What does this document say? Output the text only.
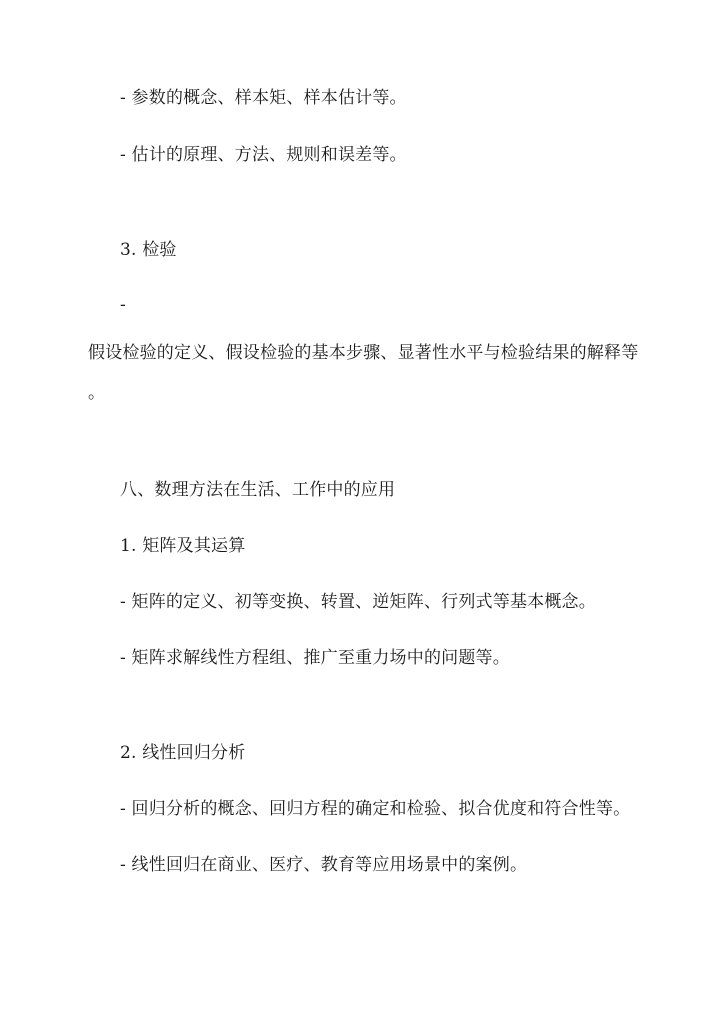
- 参数的概念、样本矩、样本估计等。
- 估计的原理、方法、规则和误差等。
3. 检验
-
假设检验的定义、假设检验的基本步骤、显著性水平与检验结果的解释等
。
八、数理方法在生活、工作中的应用
1. 矩阵及其运算
- 矩阵的定义、初等变换、转置、逆矩阵、行列式等基本概念。
- 矩阵求解线性方程组、推广至重力场中的问题等。
2. 线性回归分析
- 回归分析的概念、回归方程的确定和检验、拟合优度和符合性等。
- 线性回归在商业、医疗、教育等应用场景中的案例。
